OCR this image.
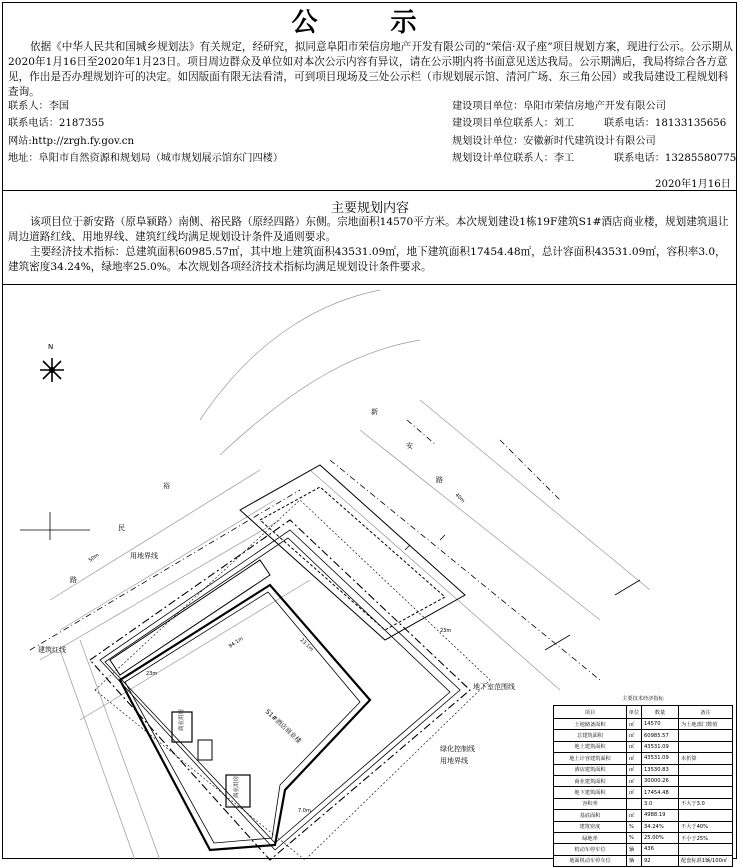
公 示

依据《中华人民共和国城乡规划法》有关规定，经研究，拟同意阜阳市荣信房地产开发有限公司的“荣信·双子座”项目规划方案，现进行公示。公示期从2020年1月16日至2020年1月23日。项目周边群众及单位如对本次公示内容有异议，请在公示期内将书面意见送达我局。公示期满后，我局将综合各方意见，作出是否办理规划许可的决定。如因版面有限无法看清，可到项目现场及三处公示栏（市规划展示馆、清河广场、东三角公园）或我局建设工程规划科查询。

联系人：李国
联系电话：2187355
网站:http://zrgh.fy.gov.cn
地址：阜阳市自然资源和规划局（城市规划展示馆东门四楼）
建设项目单位：阜阳市荣信房地产开发有限公司
建设项目单位联系人：刘工	联系电话：18133135656
规划设计单位：安徽新时代建筑设计有限公司
规划设计单位联系人：李工	联系电话：13285580775
2020年1月16日
主要规划内容

该项目位于新安路（原阜颍路）南侧、裕民路（原经四路）东侧。宗地面积14570平方米。本次规划建设1栋19F建筑S1#酒店商业楼，规划建筑退让周边道路红线、用地界线、建筑红线均满足规划设计条件及通则要求。

主要经济技术指标：总建筑面积60985.57㎡，其中地上建筑面积43531.09㎡，地下建筑面积17454.48㎡，总计容面积43531.09㎡，容积率3.0，建筑密度34.24%，绿地率25.0%。本次规划各项经济技术指标均满足规划设计条件要求。

N
新
安
路
40m
裕
民
路
50m	用地界线
建筑红线
地下室范围线
绿化控制线
用地界线
S1#酒店商业楼
94.1m	23.1m
23m
23m
7.0m
商业用房
商业用房
主要技术经济指标
项目	单位	数量	备注
土地储备面积	㎡	14570	为土地部门数值
总建筑面积	㎡	60985.57	
地上建筑面积	㎡	43531.09	
地上计容建筑面积	㎡	43531.09	未折算
酒店建筑面积	㎡	13530.83	
商业建筑面积	㎡	30000.26	
地下建筑面积	㎡	17454.48	
容积率		3.0	不大于3.0
基底面积	㎡	4988.19	
建筑密度	%	34.24%	不大于40%
绿地率	%	25.00%	不小于25%
机动车停车位	辆	436	
地面机动车停车位	辆	92	配套标准1辆/100㎡
